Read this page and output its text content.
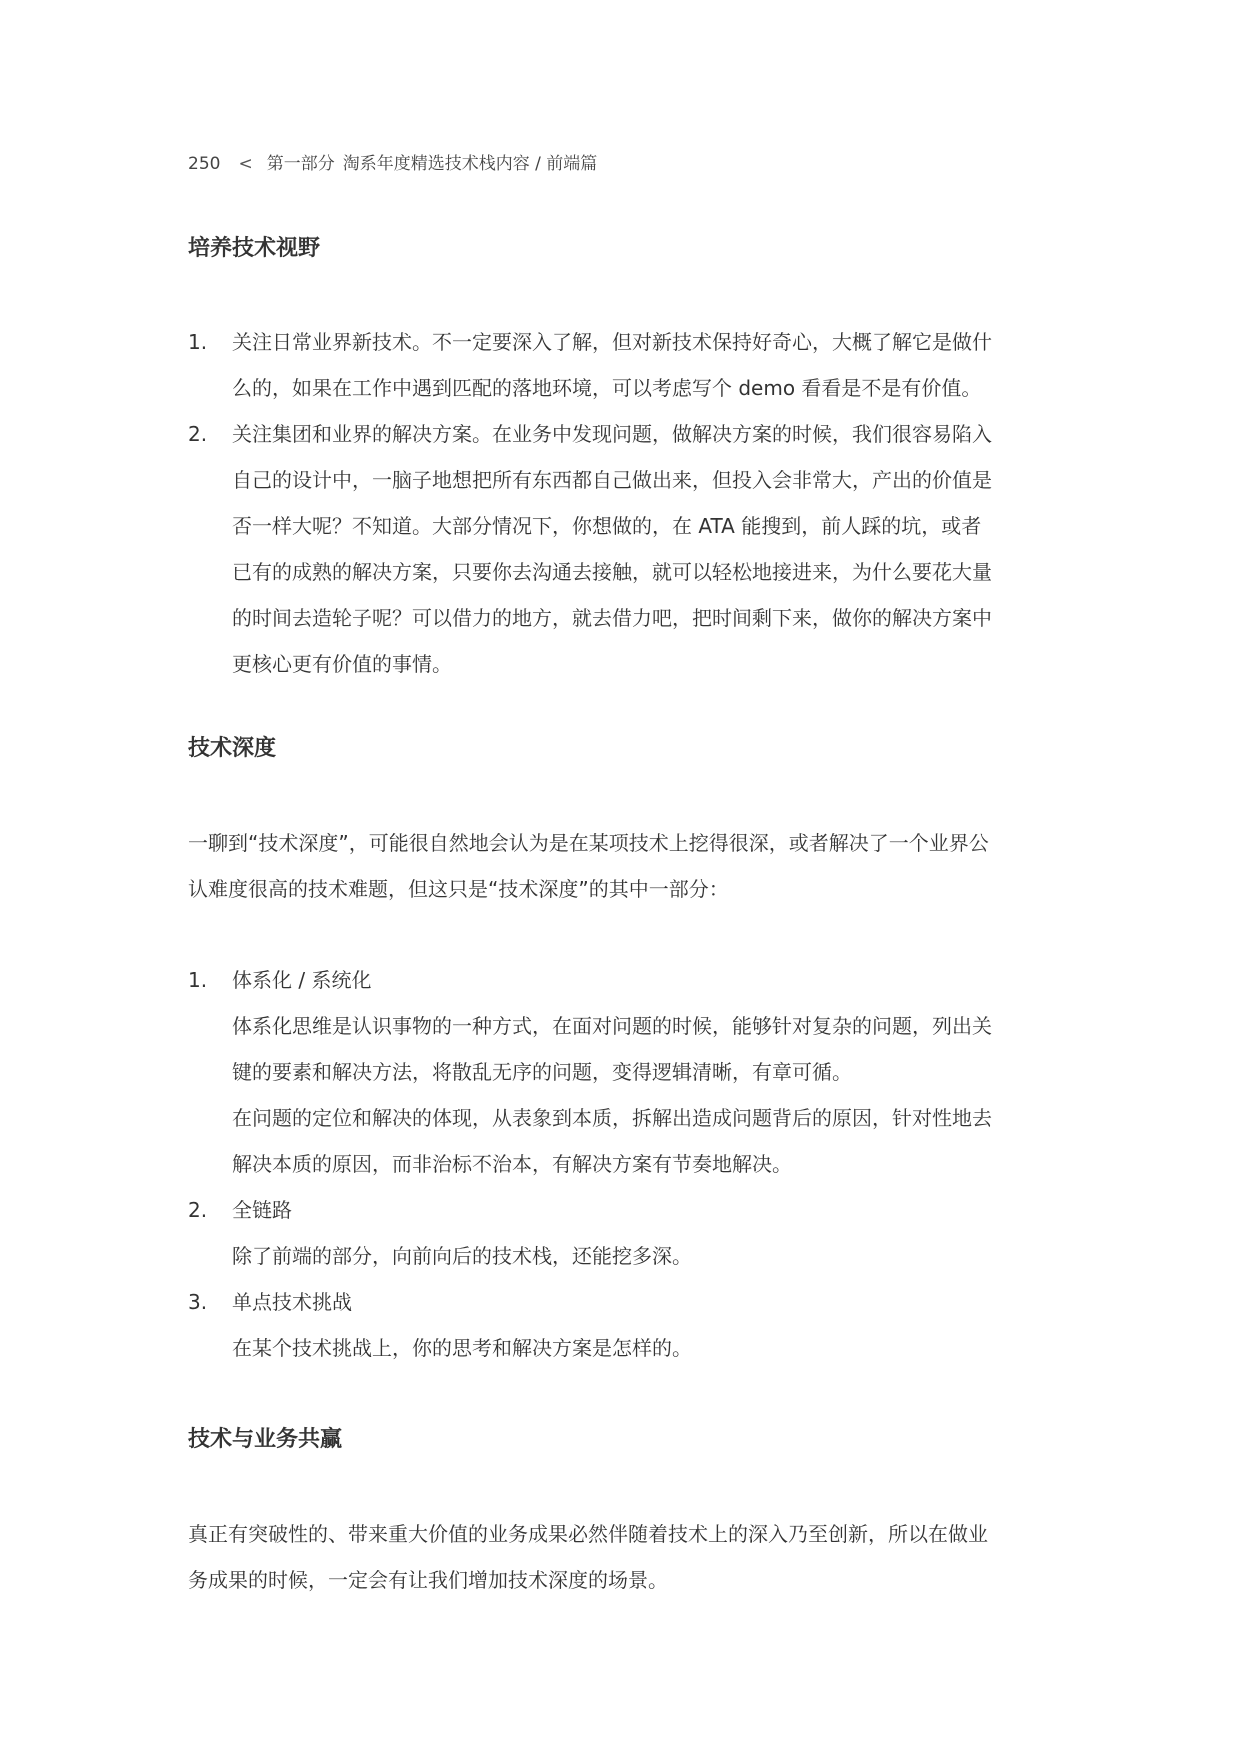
250 < 第一部分 淘系年度精选技术栈内容 / 前端篇
培养技术视野
1.	关注日常业界新技术。不一定要深入了解，但对新技术保持好奇心，大概了解它是做什
么的，如果在工作中遇到匹配的落地环境，可以考虑写个 demo 看看是不是有价值。
2.	关注集团和业界的解决方案。在业务中发现问题，做解决方案的时候，我们很容易陷入
自己的设计中，一脑子地想把所有东西都自己做出来，但投入会非常大，产出的价值是
否一样大呢？不知道。大部分情况下，你想做的，在 ATA 能搜到，前人踩的坑，或者
已有的成熟的解决方案，只要你去沟通去接触，就可以轻松地接进来，为什么要花大量
的时间去造轮子呢？可以借力的地方，就去借力吧，把时间剩下来，做你的解决方案中
更核心更有价值的事情。
技术深度
一聊到“技术深度”，可能很自然地会认为是在某项技术上挖得很深，或者解决了一个业界公
认难度很高的技术难题，但这只是“技术深度”的其中一部分：
1.	体系化 / 系统化
体系化思维是认识事物的一种方式，在面对问题的时候，能够针对复杂的问题，列出关
键的要素和解决方法，将散乱无序的问题，变得逻辑清晰，有章可循。
在问题的定位和解决的体现，从表象到本质，拆解出造成问题背后的原因，针对性地去
解决本质的原因，而非治标不治本，有解决方案有节奏地解决。
2.	全链路
除了前端的部分，向前向后的技术栈，还能挖多深。
3.	单点技术挑战
在某个技术挑战上，你的思考和解决方案是怎样的。
技术与业务共赢
真正有突破性的、带来重大价值的业务成果必然伴随着技术上的深入乃至创新，所以在做业
务成果的时候，一定会有让我们增加技术深度的场景。
